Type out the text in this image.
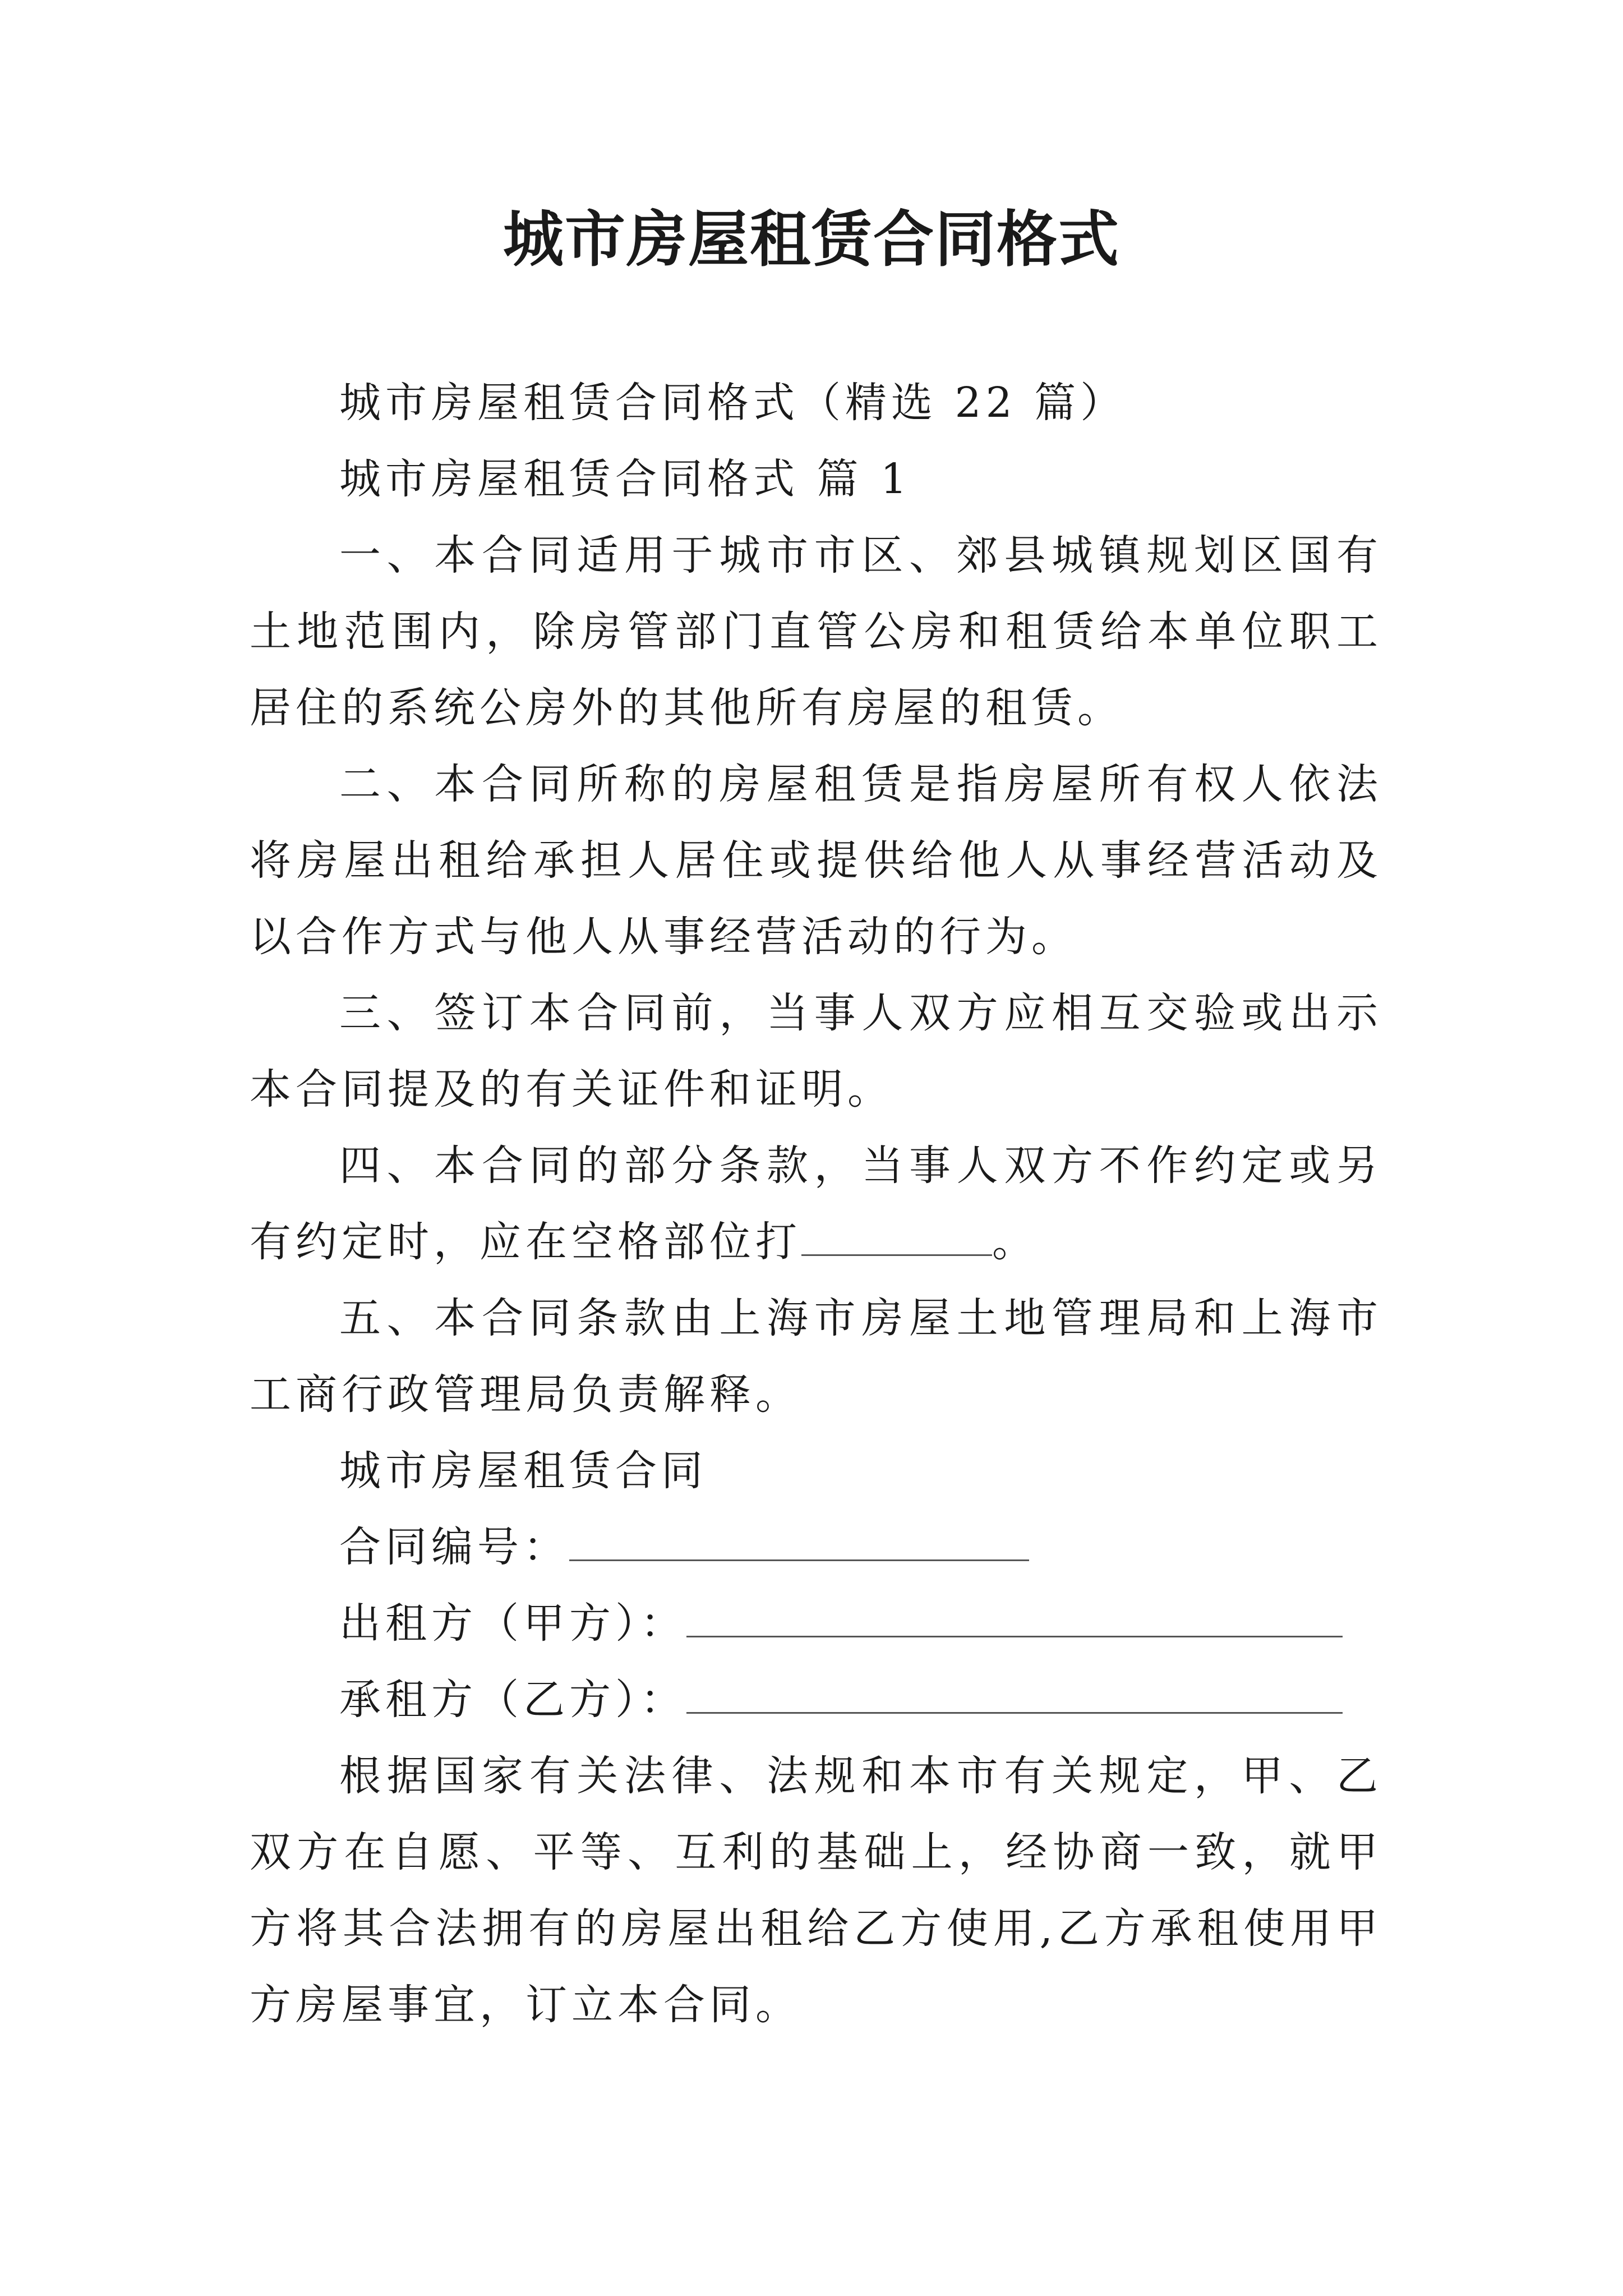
城市房屋租赁合同格式

城市房屋租赁合同格式（精选 22 篇）

城市房屋租赁合同格式 篇 1

一、本合同适用于城市市区、郊县城镇规划区国有土地范围内，除房管部门直管公房和租赁给本单位职工居住的系统公房外的其他所有房屋的租赁。

二、本合同所称的房屋租赁是指房屋所有权人依法将房屋出租给承担人居住或提供给他人从事经营活动及以合作方式与他人从事经营活动的行为。

三、签订本合同前，当事人双方应相互交验或出示本合同提及的有关证件和证明。

四、本合同的部分条款，当事人双方不作约定或另有约定时，应在空格部位打	。

五、本合同条款由上海市房屋土地管理局和上海市工商行政管理局负责解释。

城市房屋租赁合同

合同编号：

出租方（甲方）：

承租方（乙方）：

根据国家有关法律、法规和本市有关规定，甲、乙双方在自愿、平等、互利的基础上，经协商一致，就甲方将其合法拥有的房屋出租给乙方使用,乙方承租使用甲方房屋事宜，订立本合同。
